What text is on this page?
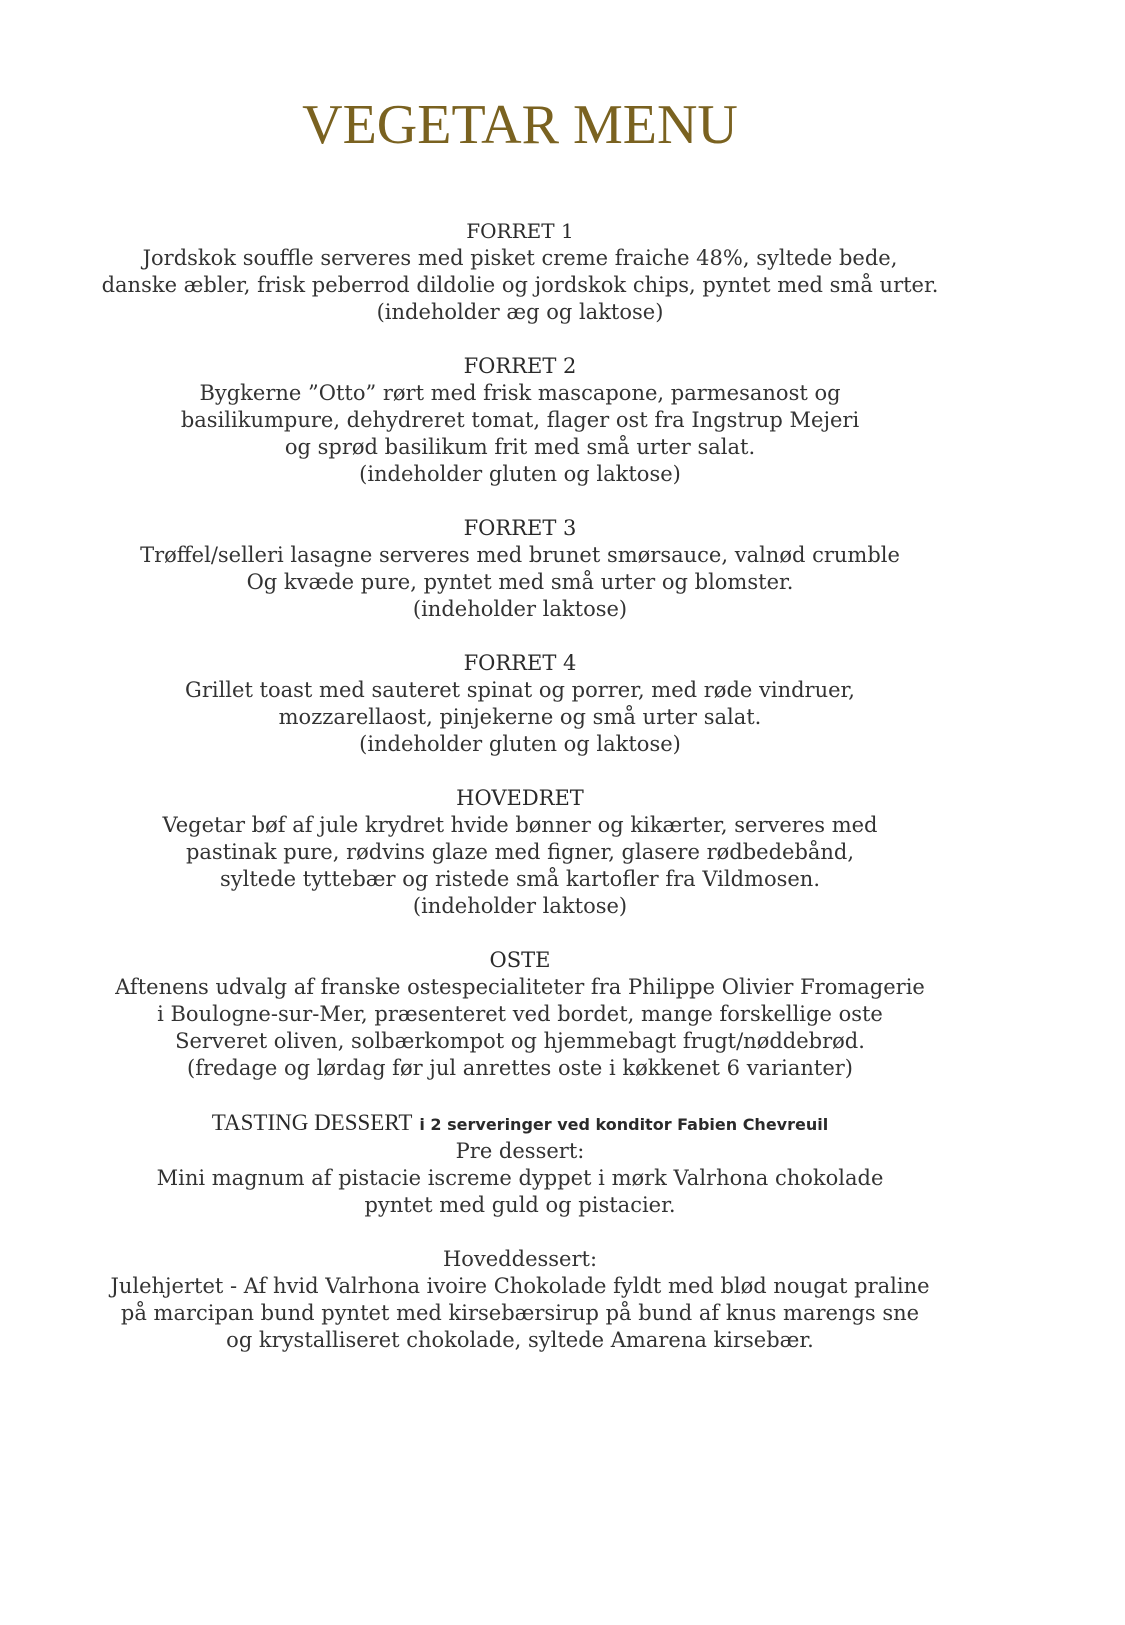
VEGETAR MENU
FORRET 1
Jordskok souffle serveres med pisket creme fraiche 48%, syltede bede,
danske æbler, frisk peberrod dildolie og jordskok chips, pyntet med små urter.
(indeholder æg og laktose)
FORRET 2
Bygkerne ”Otto” rørt med frisk mascapone, parmesanost og
basilikumpure, dehydreret tomat, flager ost fra Ingstrup Mejeri
og sprød basilikum frit med små urter salat.
(indeholder gluten og laktose)
FORRET 3
Trøffel/selleri lasagne serveres med brunet smørsauce, valnød crumble
Og kvæde pure, pyntet med små urter og blomster.
(indeholder laktose)
FORRET 4
Grillet toast med sauteret spinat og porrer, med røde vindruer,
mozzarellaost, pinjekerne og små urter salat.
(indeholder gluten og laktose)
HOVEDRET
Vegetar bøf af jule krydret hvide bønner og kikærter, serveres med
pastinak pure, rødvins glaze med figner, glasere rødbedebånd,
syltede tyttebær og ristede små kartofler fra Vildmosen.
(indeholder laktose)
OSTE
Aftenens udvalg af franske ostespecialiteter fra Philippe Olivier Fromagerie
i Boulogne-sur-Mer, præsenteret ved bordet, mange forskellige oste
Serveret oliven, solbærkompot og hjemmebagt frugt/nøddebrød.
(fredage og lørdag før jul anrettes oste i køkkenet 6 varianter)
TASTING DESSERT i 2 serveringer ved konditor Fabien Chevreuil
Pre dessert:
Mini magnum af pistacie iscreme dyppet i mørk Valrhona chokolade
pyntet med guld og pistacier.
Hoveddessert:
Julehjertet - Af hvid Valrhona ivoire Chokolade fyldt med blød nougat praline
på marcipan bund pyntet med kirsebærsirup på bund af knus marengs sne
og krystalliseret chokolade, syltede Amarena kirsebær.
